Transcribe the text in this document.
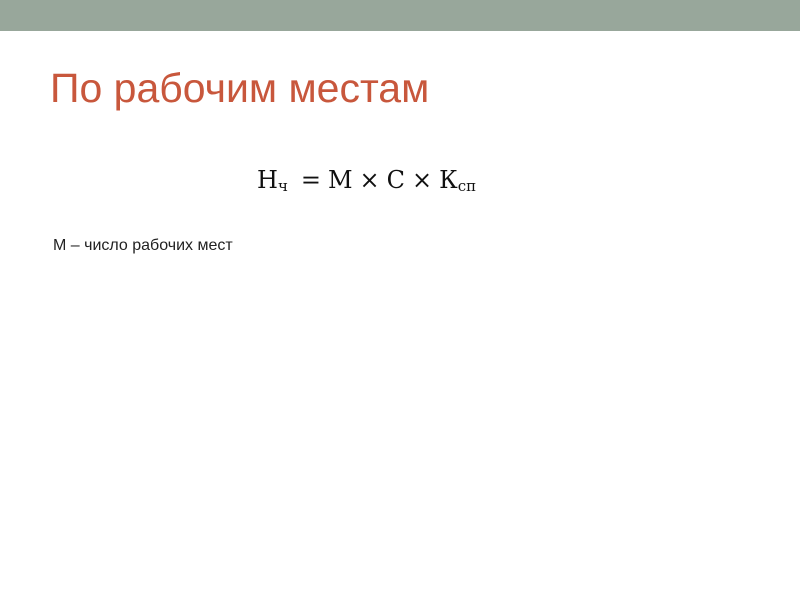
По рабочим местам
Нч = М × С × Ксп
М – число рабочих мест
